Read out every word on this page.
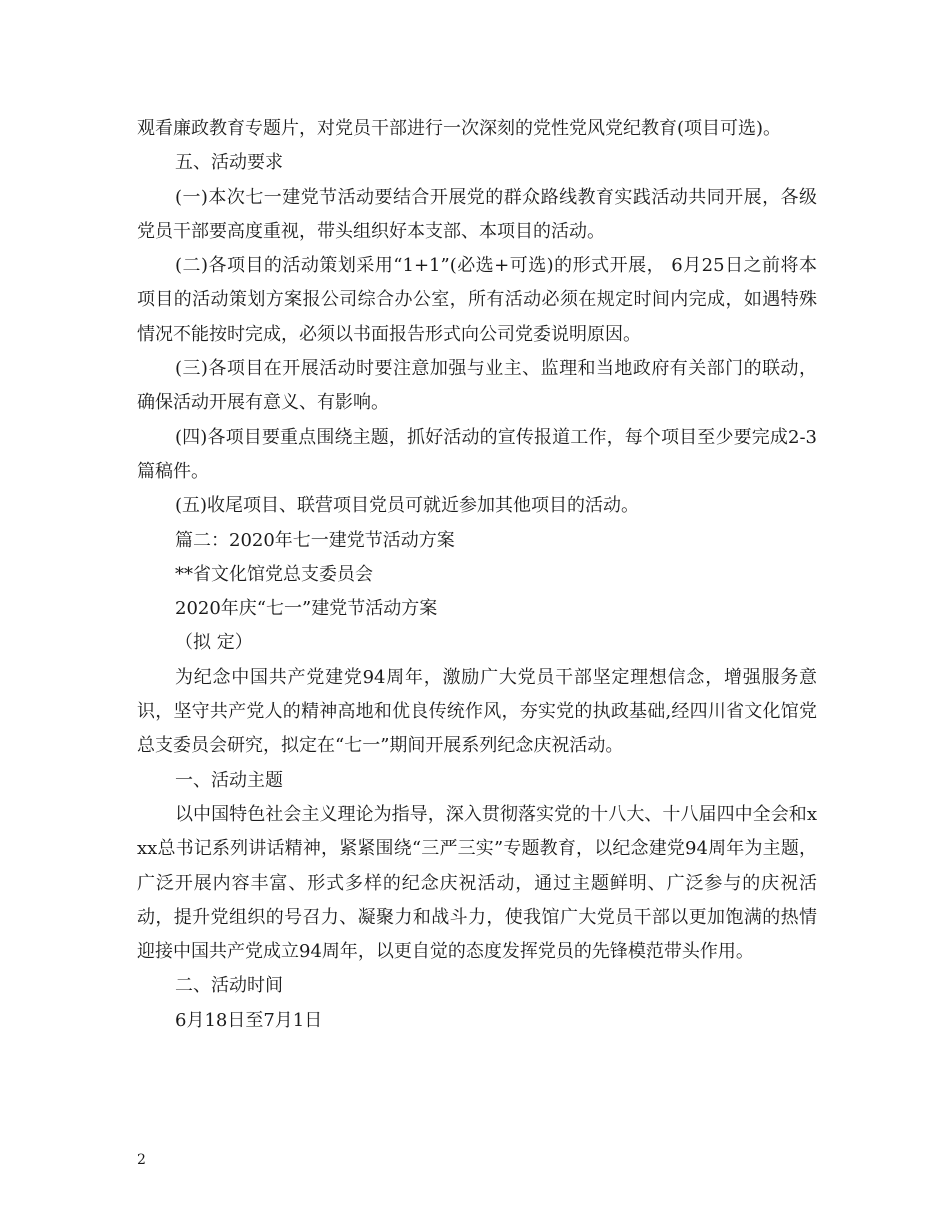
观看廉政教育专题片，对党员干部进行一次深刻的党性党风党纪教育(项目可选)。

五、活动要求

(一)本次七一建党节活动要结合开展党的群众路线教育实践活动共同开展，各级党员干部要高度重视，带头组织好本支部、本项目的活动。

(二)各项目的活动策划采用“1+1”(必选+可选)的形式开展， 6月25日之前将本项目的活动策划方案报公司综合办公室，所有活动必须在规定时间内完成，如遇特殊情况不能按时完成，必须以书面报告形式向公司党委说明原因。

(三)各项目在开展活动时要注意加强与业主、监理和当地政府有关部门的联动，确保活动开展有意义、有影响。

(四)各项目要重点围绕主题，抓好活动的宣传报道工作，每个项目至少要完成2-3篇稿件。

(五)收尾项目、联营项目党员可就近参加其他项目的活动。

篇二：2020年七一建党节活动方案

**省文化馆党总支委员会

2020年庆“七一”建党节活动方案

（拟 定）

为纪念中国共产党建党94周年，激励广大党员干部坚定理想信念，增强服务意识，坚守共产党人的精神高地和优良传统作风，夯实党的执政基础,经四川省文化馆党总支委员会研究，拟定在“七一”期间开展系列纪念庆祝活动。

一、活动主题

以中国特色社会主义理论为指导，深入贯彻落实党的十八大、十八届四中全会和xxx总书记系列讲话精神，紧紧围绕“三严三实”专题教育，以纪念建党94周年为主题，广泛开展内容丰富、形式多样的纪念庆祝活动，通过主题鲜明、广泛参与的庆祝活动，提升党组织的号召力、凝聚力和战斗力，使我馆广大党员干部以更加饱满的热情迎接中国共产党成立94周年，以更自觉的态度发挥党员的先锋模范带头作用。

二、活动时间

6月18日至7月1日

2
